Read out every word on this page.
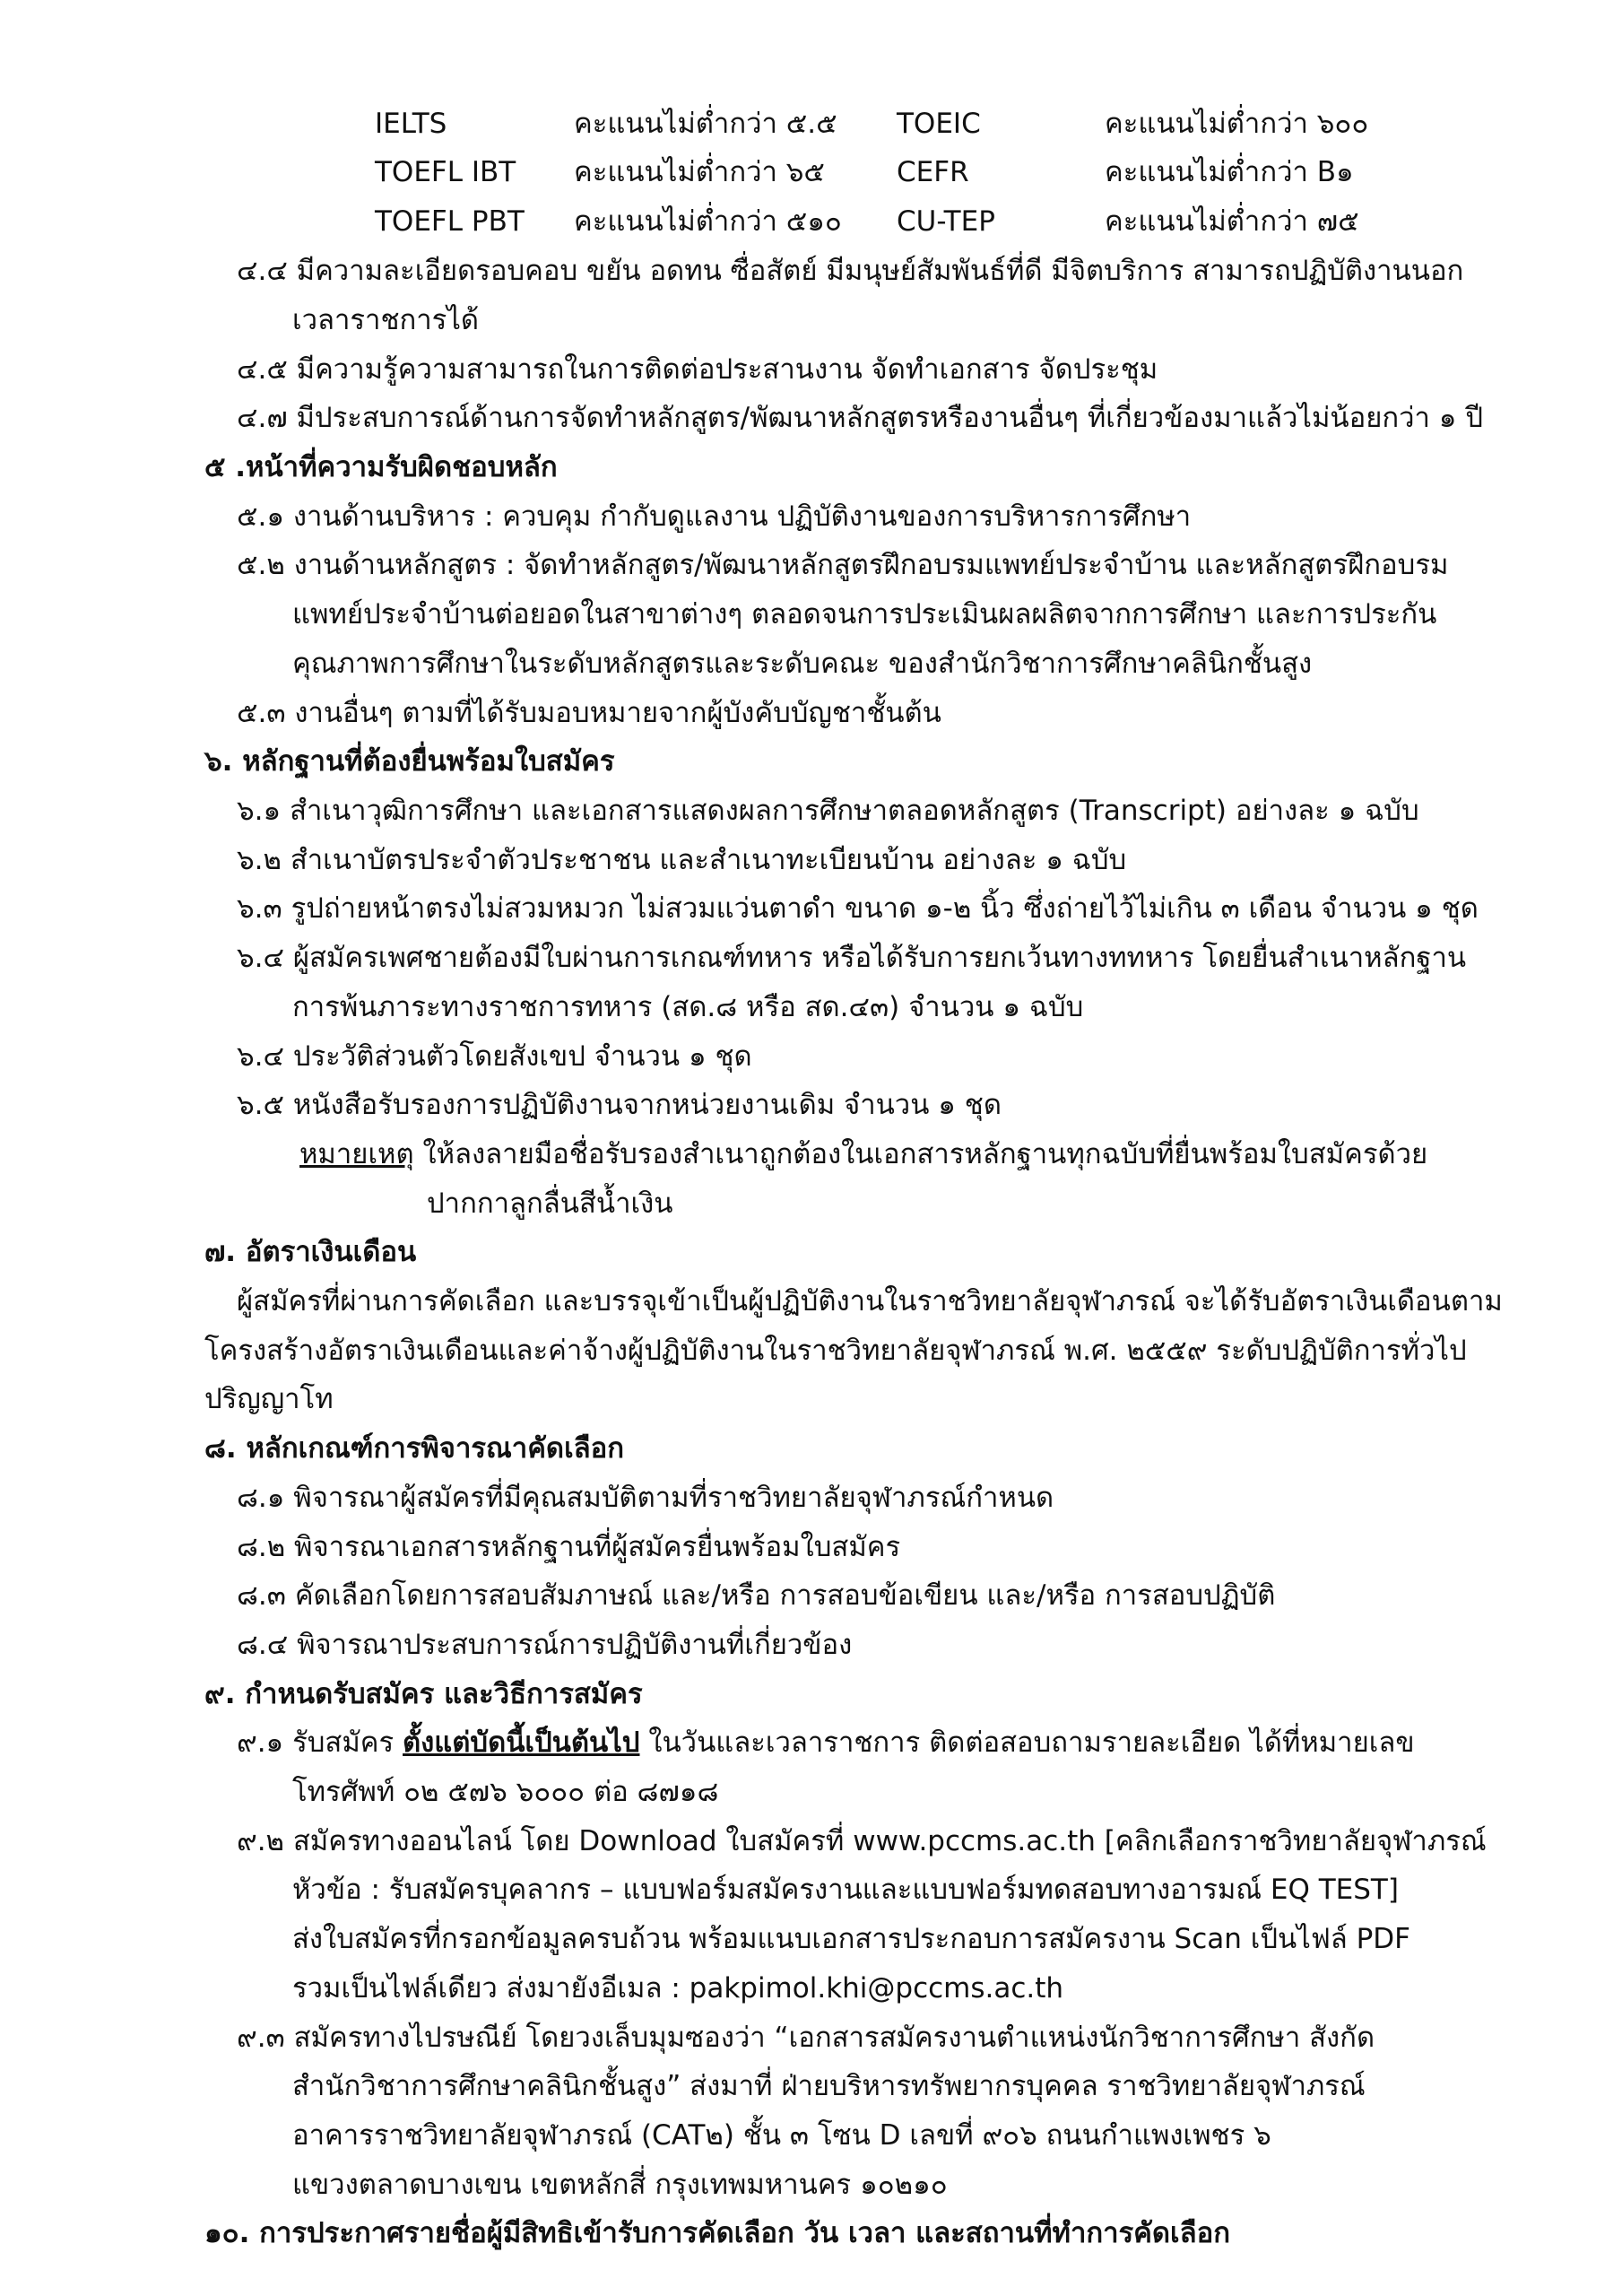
IELTS	คะแนนไม่ต่ำกว่า ๕.๕ TOEIC	คะแนนไม่ต่ำกว่า ๖๐๐
TOEFL IBT คะแนนไม่ต่ำกว่า ๖๕	CEFR	คะแนนไม่ต่ำกว่า B๑
TOEFL PBT คะแนนไม่ต่ำกว่า ๕๑๐ CU-TEP	คะแนนไม่ต่ำกว่า ๗๕
๔.๔ มีความละเอียดรอบคอบ ขยัน อดทน ซื่อสัตย์ มีมนุษย์สัมพันธ์ที่ดี มีจิตบริการ สามารถปฏิบัติงานนอก
เวลาราชการได้
๔.๕ มีความรู้ความสามารถในการติดต่อประสานงาน จัดทำเอกสาร จัดประชุม
๔.๗ มีประสบการณ์ด้านการจัดทำหลักสูตร/พัฒนาหลักสูตรหรืองานอื่นๆ ที่เกี่ยวข้องมาแล้วไม่น้อยกว่า ๑ ปี
๕ .หน้าที่ความรับผิดชอบหลัก
๕.๑ งานด้านบริหาร : ควบคุม กำกับดูแลงาน ปฏิบัติงานของการบริหารการศึกษา
๕.๒ งานด้านหลักสูตร : จัดทำหลักสูตร/พัฒนาหลักสูตรฝึกอบรมแพทย์ประจำบ้าน และหลักสูตรฝึกอบรม
แพทย์ประจำบ้านต่อยอดในสาขาต่างๆ ตลอดจนการประเมินผลผลิตจากการศึกษา และการประกัน
คุณภาพการศึกษาในระดับหลักสูตรและระดับคณะ ของสำนักวิชาการศึกษาคลินิกชั้นสูง
๕.๓ งานอื่นๆ ตามที่ได้รับมอบหมายจากผู้บังคับบัญชาชั้นต้น
๖. หลักฐานที่ต้องยื่นพร้อมใบสมัคร
๖.๑ สำเนาวุฒิการศึกษา และเอกสารแสดงผลการศึกษาตลอดหลักสูตร (Transcript) อย่างละ ๑ ฉบับ
๖.๒ สำเนาบัตรประจำตัวประชาชน และสำเนาทะเบียนบ้าน อย่างละ ๑ ฉบับ
๖.๓ รูปถ่ายหน้าตรงไม่สวมหมวก ไม่สวมแว่นตาดำ ขนาด ๑-๒ นิ้ว ซึ่งถ่ายไว้ไม่เกิน ๓ เดือน จำนวน ๑ ชุด
๖.๔ ผู้สมัครเพศชายต้องมีใบผ่านการเกณฑ์ทหาร หรือได้รับการยกเว้นทางททหาร โดยยื่นสำเนาหลักฐาน
การพ้นภาระทางราชการทหาร (สด.๘ หรือ สด.๔๓) จำนวน ๑ ฉบับ
๖.๔ ประวัติส่วนตัวโดยสังเขป จำนวน ๑ ชุด
๖.๕ หนังสือรับรองการปฏิบัติงานจากหน่วยงานเดิม จำนวน ๑ ชุด
หมายเหตุ ให้ลงลายมือชื่อรับรองสำเนาถูกต้องในเอกสารหลักฐานทุกฉบับที่ยื่นพร้อมใบสมัครด้วย
ปากกาลูกลื่นสีน้ำเงิน
๗. อัตราเงินเดือน
ผู้สมัครที่ผ่านการคัดเลือก และบรรจุเข้าเป็นผู้ปฏิบัติงานในราชวิทยาลัยจุฬาภรณ์ จะได้รับอัตราเงินเดือนตาม
โครงสร้างอัตราเงินเดือนและค่าจ้างผู้ปฏิบัติงานในราชวิทยาลัยจุฬาภรณ์ พ.ศ. ๒๕๕๙ ระดับปฏิบัติการทั่วไป
ปริญญาโท
๘. หลักเกณฑ์การพิจารณาคัดเลือก
๘.๑ พิจารณาผู้สมัครที่มีคุณสมบัติตามที่ราชวิทยาลัยจุฬาภรณ์กำหนด
๘.๒ พิจารณาเอกสารหลักฐานที่ผู้สมัครยื่นพร้อมใบสมัคร
๘.๓ คัดเลือกโดยการสอบสัมภาษณ์ และ/หรือ การสอบข้อเขียน และ/หรือ การสอบปฏิบัติ
๘.๔ พิจารณาประสบการณ์การปฏิบัติงานที่เกี่ยวข้อง
๙. กำหนดรับสมัคร และวิธีการสมัคร
๙.๑ รับสมัคร ตั้งแต่บัดนี้เป็นต้นไป ในวันและเวลาราชการ ติดต่อสอบถามรายละเอียด ได้ที่หมายเลข
โทรศัพท์ ๐๒ ๕๗๖ ๖๐๐๐ ต่อ ๘๗๑๘
๙.๒ สมัครทางออนไลน์ โดย Download ใบสมัครที่ www.pccms.ac.th [คลิกเลือกราชวิทยาลัยจุฬาภรณ์
หัวข้อ : รับสมัครบุคลากร – แบบฟอร์มสมัครงานและแบบฟอร์มทดสอบทางอารมณ์ EQ TEST]
ส่งใบสมัครที่กรอกข้อมูลครบถ้วน พร้อมแนบเอกสารประกอบการสมัครงาน Scan เป็นไฟล์ PDF
รวมเป็นไฟล์เดียว ส่งมายังอีเมล : pakpimol.khi@pccms.ac.th
๙.๓ สมัครทางไปรษณีย์ โดยวงเล็บมุมซองว่า “เอกสารสมัครงานตำแหน่งนักวิชาการศึกษา สังกัด
สำนักวิชาการศึกษาคลินิกชั้นสูง” ส่งมาที่ ฝ่ายบริหารทรัพยากรบุคคล ราชวิทยาลัยจุฬาภรณ์
อาคารราชวิทยาลัยจุฬาภรณ์ (CAT๒) ชั้น ๓ โซน D เลขที่ ๙๐๖ ถนนกำแพงเพชร ๖
แขวงตลาดบางเขน เขตหลักสี่ กรุงเทพมหานคร ๑๐๒๑๐
๑๐. การประกาศรายชื่อผู้มีสิทธิเข้ารับการคัดเลือก วัน เวลา และสถานที่ทำการคัดเลือก
